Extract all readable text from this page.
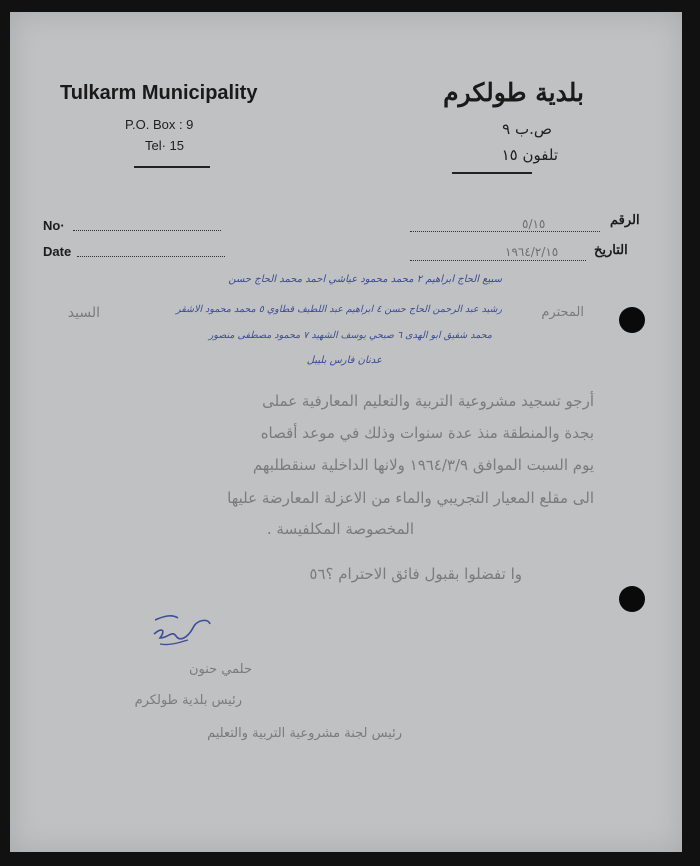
Tulkarm Municipality
P.O. Box : 9
Tel· 15
بلدية طولكرم
ص.ب ٩
تلفون ١٥
No·
Date
الرقم
٥/١٥
التاريخ
١٩٦٤/٢/١٥
سبيع الحاج ابراهيم ٢ محمد محمود عياشي احمد محمد الحاج حسن
السيد	المحترم
رشيد عبد الرحمن الحاج حسن ٤ ابراهيم عبد اللطيف قطاوي ٥ محمد محمود الاشقر
محمد شفيق ابو الهدى ٦ صبحي يوسف الشهيد ٧ محمود مصطفى منصور
عدنان فارس بليبل
أرجو تسجيد مشروعية التربية والتعليم المعارفية عملى
بجدة والمنطقة منذ عدة سنوات وذلك في موعد أقصاه
يوم السبت الموافق ١٩٦٤/٣/٩ ولانها الداخلية سنقطلبهم
الى مقلع المعيار التجريبي والماء من الاعزلة المعارضة عليها
المخصوصة المكلفيسة .
وا تفضلوا بقبول فائق الاحترام ؟٥٦
حلمي حنون
رئيس بلدية طولكرم
رئيس لجنة مشروعية التربية والتعليم
